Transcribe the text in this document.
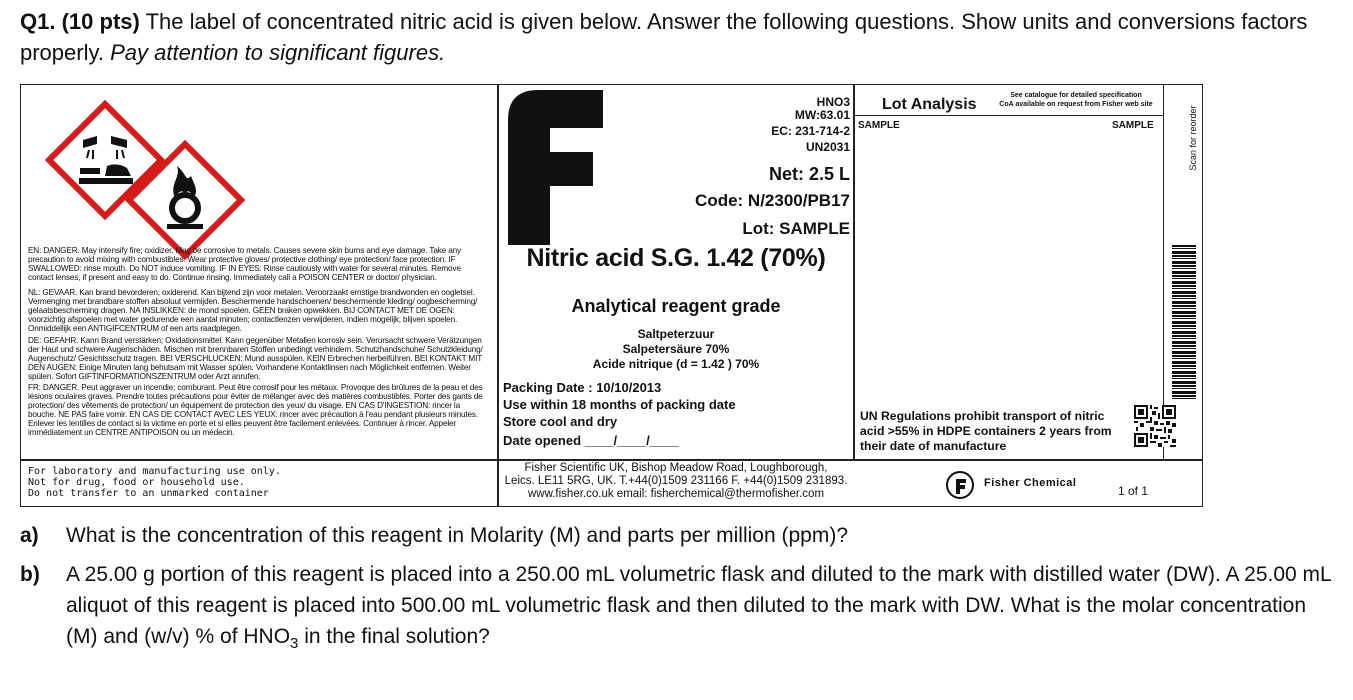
Q1. (10 pts) The label of concentrated nitric acid is given below. Answer the following questions. Show units and conversions factors properly. Pay attention to significant figures.
EN: DANGER. May intensify fire; oxidizer. May be corrosive to metals. Causes severe skin burns and eye damage. Take any precaution to avoid mixing with combustibles. Wear protective gloves/ protective clothing/ eye protection/ face protection. IF SWALLOWED: rinse mouth. Do NOT induce vomiting. IF IN EYES: Rinse cautiously with water for several minutes. Remove contact lenses, if present and easy to do. Continue rinsing. Immediately call a POISON CENTER or doctor/ physician.
NL: GEVAAR. Kan brand bevorderen; oxiderend. Kan bijtend zijn voor metalen. Veroorzaakt ernstige brandwonden en oogletsel. Vermenging met brandbare stoffen absoluut vermijden. Beschermende handschoenen/ beschermende kleding/ oogbescherming/ gelaatsbescherming dragen. NA INSLIKKEN: de mond spoelen. GEEN braken opwekken. BIJ CONTACT MET DE OGEN: voorzichtig afspoelen met water gedurende een aantal minuten; contactlenzen verwijderen, indien mogelijk; blijven spoelen. Onmiddellijk een ANTIGIFCENTRUM of een arts raadplegen.
DE: GEFAHR. Kann Brand verstärken; Oxidationsmittel. Kann gegenüber Metallen korrosiv sein. Verursacht schwere Verätzungen der Haut und schwere Augenschäden. Mischen mit brennbaren Stoffen unbedingt verhindern. Schutzhandschuhe/ Schutzkleidung/ Augenschutz/ Gesichtsschutz tragen. BEI VERSCHLUCKEN: Mund ausspülen. KEIN Erbrechen herbeiführen. BEI KONTAKT MIT DEN AUGEN: Einige Minuten lang behutsam mit Wasser spülen. Vorhandene Kontaktlinsen nach Möglichkeit entfernen. Weiter spülen. Sofort GIFTINFORMATIONSZENTRUM oder Arzt anrufen.
FR: DANGER. Peut aggraver un incendie; comburant. Peut être corrosif pour les métaux. Provoque des brûlures de la peau et des lésions oculaires graves. Prendre toutes précautions pour éviter de mélanger avec des matières combustibles. Porter des gants de protection/ des vêtements de protection/ un équipement de protection des yeux/ du visage. EN CAS D'INGESTION: rincer la bouche. NE PAS faire vomir. EN CAS DE CONTACT AVEC LES YEUX: rincer avec précaution à l'eau pendant plusieurs minutes. Enlever les lentilles de contact si la victime en porte et si elles peuvent être facilement enlevées. Continuer à rincer. Appeler immédiatement un CENTRE ANTIPOISON ou un médecin.
For laboratory and manufacturing use only.
Not for drug, food or household use.
Do not transfer to an unmarked container
HNO3
MW:63.01
EC: 231-714-2
UN2031
Net: 2.5 L
Code: N/2300/PB17
Lot: SAMPLE
Nitric acid S.G. 1.42 (70%)
Analytical reagent grade
Saltpeterzuur
Salpetersäure 70%
Acide nitrique (d = 1.42 ) 70%
Packing Date : 10/10/2013
Use within 18 months of packing date
Store cool and dry
Date opened ____/____/____
Lot Analysis
See catalogue for detailed specification
CoA available on request from Fisher web site
SAMPLE	SAMPLE	Scan for reorder
UN Regulations prohibit transport of nitric acid >55% in HDPE containers 2 years from their date of manufacture
Fisher Scientific UK, Bishop Meadow Road, Loughborough,
Leics. LE11 5RG, UK. T.+44(0)1509 231166 F. +44(0)1509 231893.
www.fisher.co.uk email: fisherchemical@thermofisher.com
Fisher Chemical
1 of 1
a) What is the concentration of this reagent in Molarity (M) and parts per million (ppm)?
b) A 25.00 g portion of this reagent is placed into a 250.00 mL volumetric flask and diluted to the mark with distilled water (DW). A 25.00 mL aliquot of this reagent is placed into 500.00 mL volumetric flask and then diluted to the mark with DW. What is the molar concentration (M) and (w/v) % of $HNO_3$ in the final solution?
